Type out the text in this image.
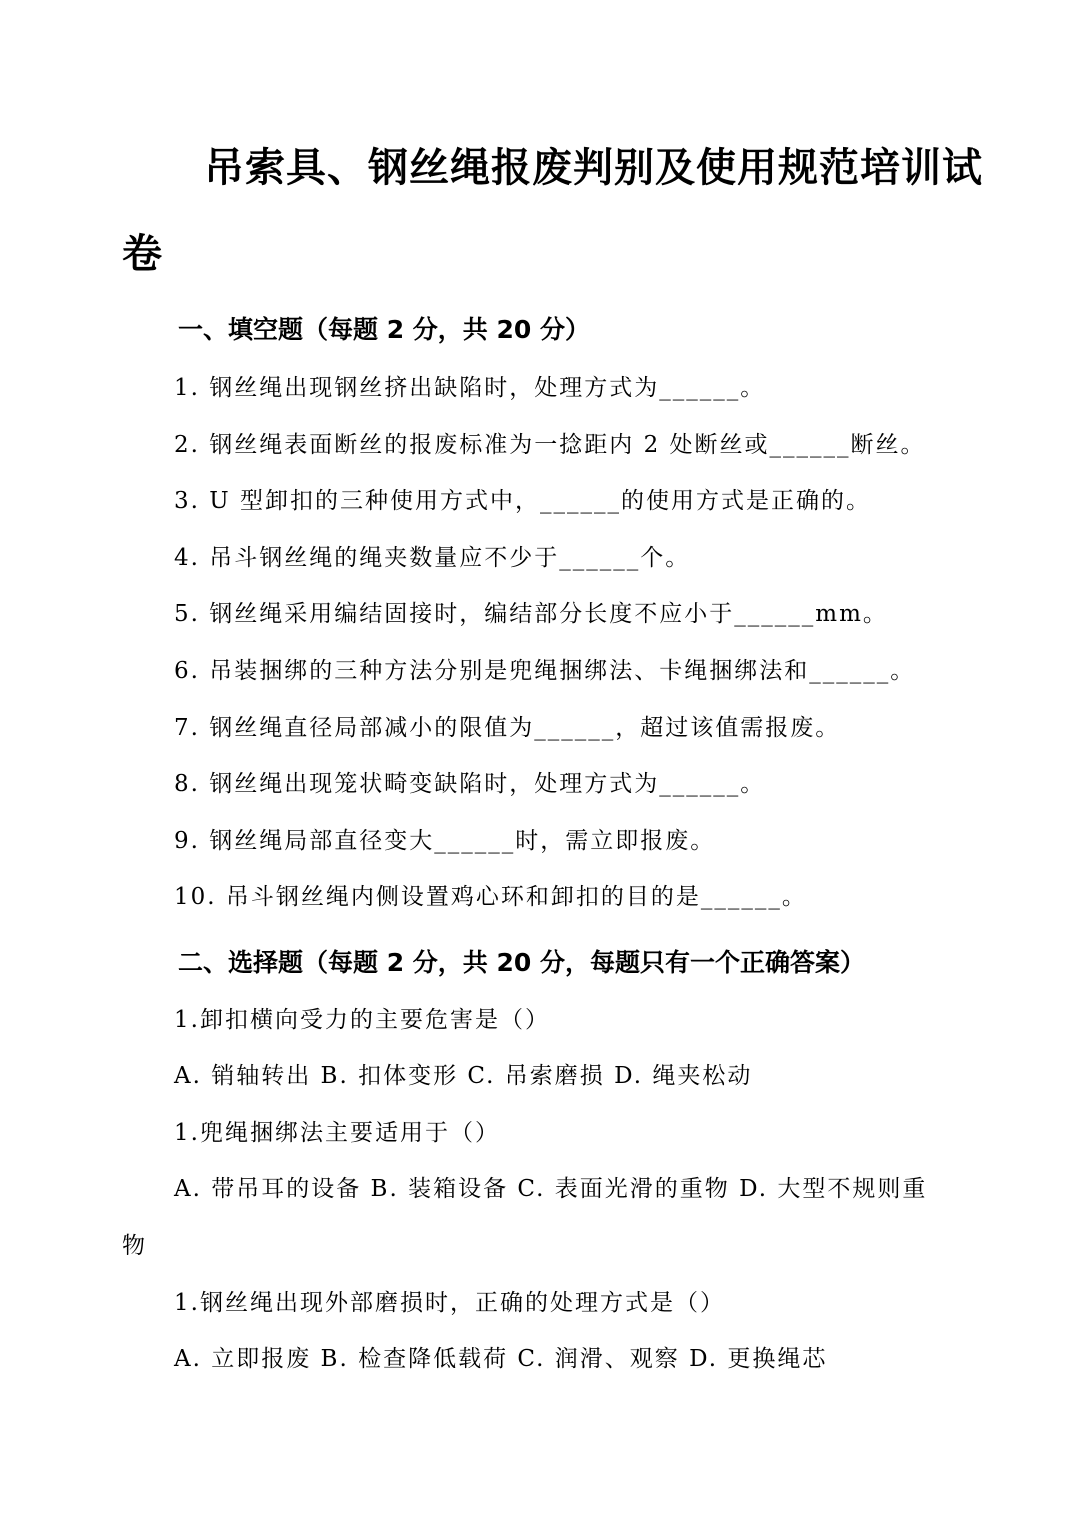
吊索具、钢丝绳报废判别及使用规范培训试
卷
一、填空题（每题 2 分，共 20 分）
1. 钢丝绳出现钢丝挤出缺陷时，处理方式为______。
2. 钢丝绳表面断丝的报废标准为一捻距内 2 处断丝或______断丝。
3. U 型卸扣的三种使用方式中，______的使用方式是正确的。
4. 吊斗钢丝绳的绳夹数量应不少于______个。
5. 钢丝绳采用编结固接时，编结部分长度不应小于______mm。
6. 吊装捆绑的三种方法分别是兜绳捆绑法、卡绳捆绑法和______。
7. 钢丝绳直径局部减小的限值为______，超过该值需报废。
8. 钢丝绳出现笼状畸变缺陷时，处理方式为______。
9. 钢丝绳局部直径变大______时，需立即报废。
10. 吊斗钢丝绳内侧设置鸡心环和卸扣的目的是______。
二、选择题（每题 2 分，共 20 分，每题只有一个正确答案）
1.卸扣横向受力的主要危害是（）
A. 销轴转出 B. 扣体变形 C. 吊索磨损 D. 绳夹松动
1.兜绳捆绑法主要适用于（）
A. 带吊耳的设备 B. 装箱设备 C. 表面光滑的重物 D. 大型不规则重
物
1.钢丝绳出现外部磨损时，正确的处理方式是（）
A. 立即报废 B. 检查降低载荷 C. 润滑、观察 D. 更换绳芯
